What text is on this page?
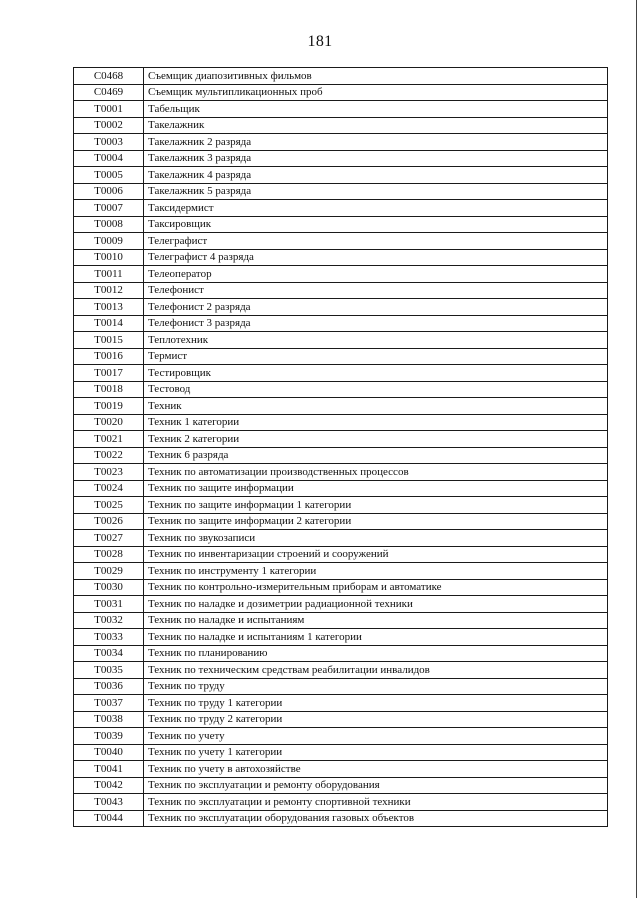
181
C0468	Съемщик диапозитивных фильмов
C0469	Съемщик мультипликационных проб
T0001	Табельщик
T0002	Такелажник
T0003	Такелажник 2 разряда
T0004	Такелажник 3 разряда
T0005	Такелажник 4 разряда
T0006	Такелажник 5 разряда
T0007	Таксидермист
T0008	Таксировщик
T0009	Телеграфист
T0010	Телеграфист 4 разряда
T0011	Телеоператор
T0012	Телефонист
T0013	Телефонист 2 разряда
T0014	Телефонист 3 разряда
T0015	Теплотехник
T0016	Термист
T0017	Тестировщик
T0018	Тестовод
T0019	Техник
T0020	Техник 1 категории
T0021	Техник 2 категории
T0022	Техник 6 разряда
T0023	Техник по автоматизации производственных процессов
T0024	Техник по защите информации
T0025	Техник по защите информации 1 категории
T0026	Техник по защите информации 2 категории
T0027	Техник по звукозаписи
T0028	Техник по инвентаризации строений и сооружений
T0029	Техник по инструменту 1 категории
T0030	Техник по контрольно-измерительным приборам и автоматике
T0031	Техник по наладке и дозиметрии радиационной техники
T0032	Техник по наладке и испытаниям
T0033	Техник по наладке и испытаниям 1 категории
T0034	Техник по планированию
T0035	Техник по техническим средствам реабилитации инвалидов
T0036	Техник по труду
T0037	Техник по труду 1 категории
T0038	Техник по труду 2 категории
T0039	Техник по учету
T0040	Техник по учету 1 категории
T0041	Техник по учету в автохозяйстве
T0042	Техник по эксплуатации и ремонту оборудования
T0043	Техник по эксплуатации и ремонту спортивной техники
T0044	Техник по эксплуатации оборудования газовых объектов
